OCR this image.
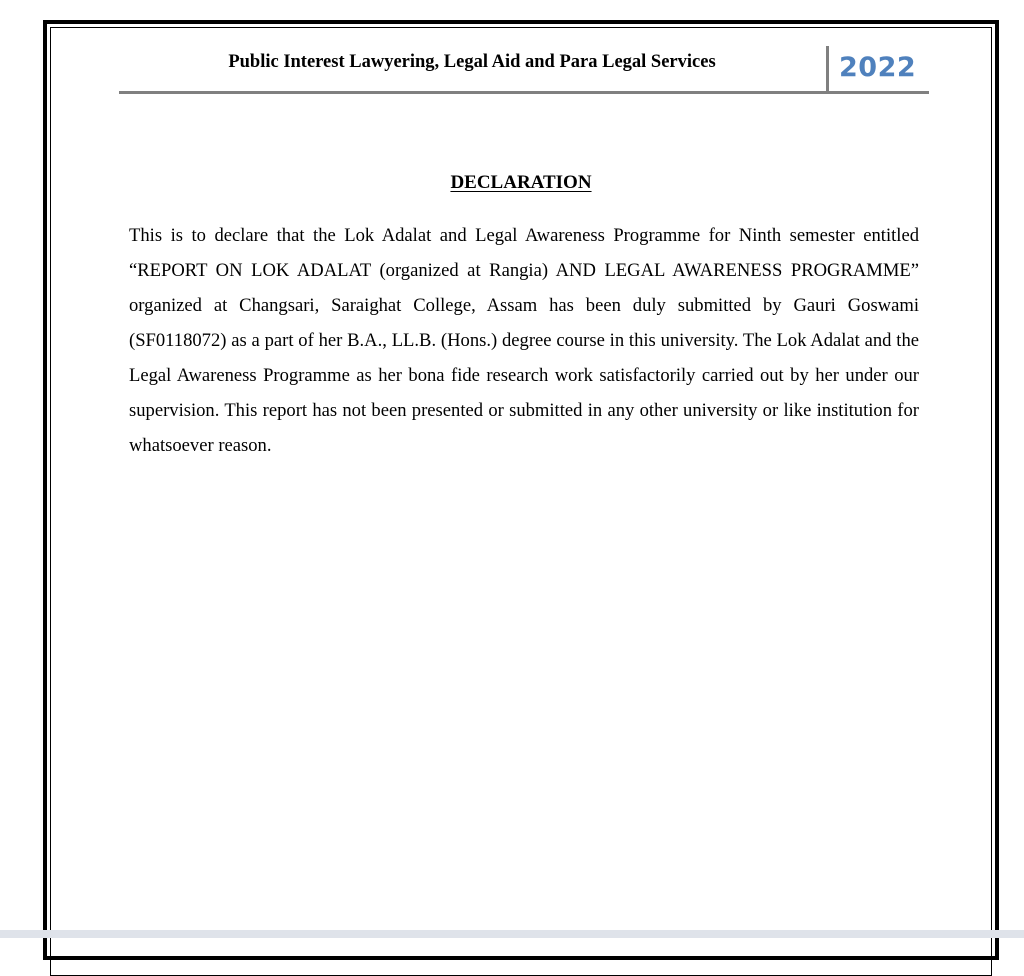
Public Interest Lawyering, Legal Aid and Para Legal Services	2022
DECLARATION

This is to declare that the Lok Adalat and Legal Awareness Programme for Ninth semester entitled “REPORT ON LOK ADALAT (organized at Rangia) AND LEGAL AWARENESS PROGRAMME” organized at Changsari, Saraighat College, Assam has been duly submitted by Gauri Goswami (SF0118072) as a part of her B.A., LL.B. (Hons.) degree course in this university. The Lok Adalat and the Legal Awareness Programme as her bona fide research work satisfactorily carried out by her under our supervision. This report has not been presented or submitted in any other university or like institution for whatsoever reason.
